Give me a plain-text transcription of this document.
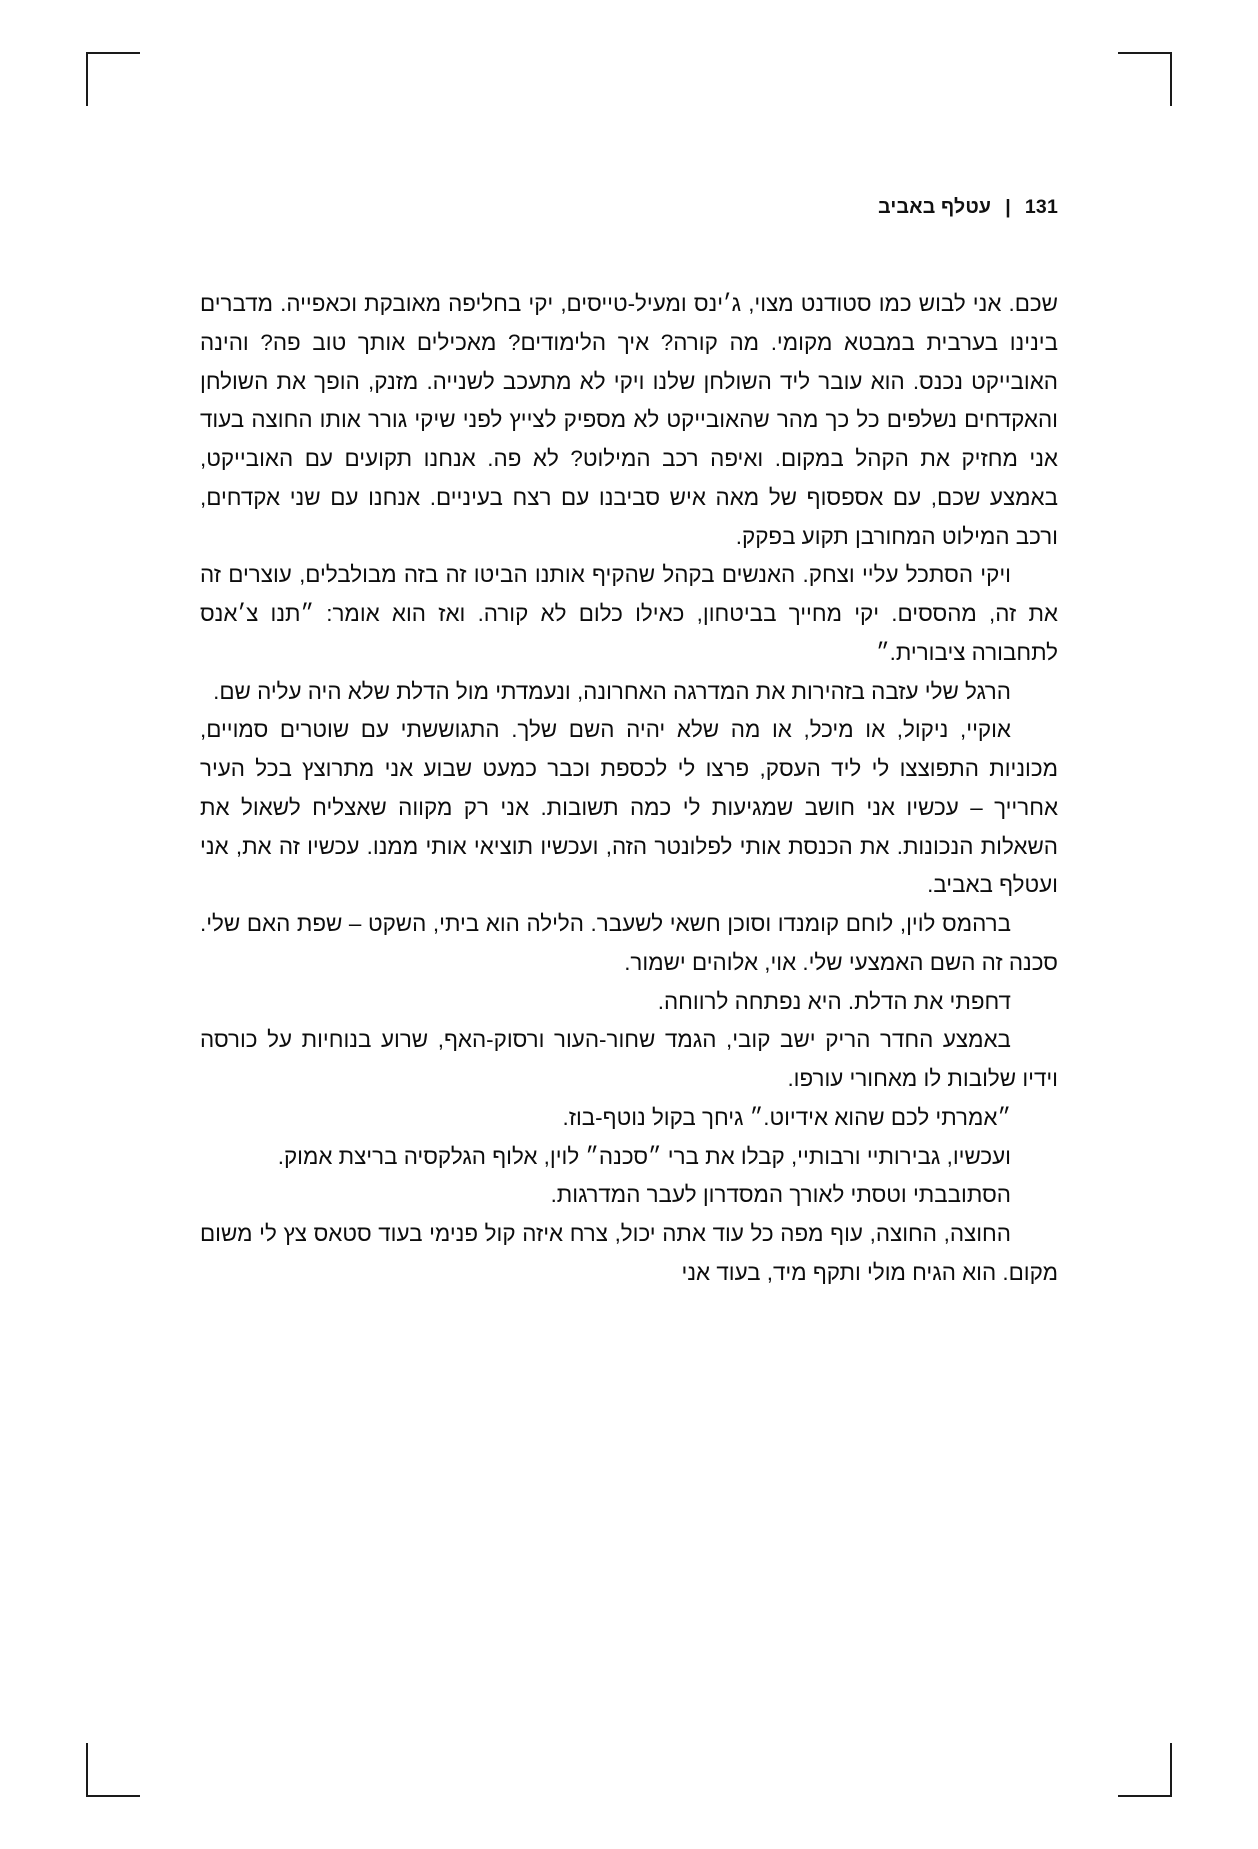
131
|
עטלף באביב

שכם. אני לבוש כמו סטודנט מצוי, ג׳ינס ומעיל-טייסים, יקי בחליפה מאובקת וכאפייה. מדברים בינינו בערבית במבטא מקומי. מה קורה? איך הלימודים? מאכילים אותך טוב פה? והינה האובייקט נכנס. הוא עובר ליד השולחן שלנו ויקי לא מתעכב לשנייה. מזנק, הופך את השולחן והאקדחים נשלפים כל כך מהר שהאובייקט לא מספיק לצייץ לפני שיקי גורר אותו החוצה בעוד אני מחזיק את הקהל במקום. ואיפה רכב המילוט? לא פה. אנחנו תקועים עם האובייקט, באמצע שכם, עם אספסוף של מאה איש סביבנו עם רצח בעיניים. אנחנו עם שני אקדחים, ורכב המילוט המחורבן תקוע בפקק.

ויקי הסתכל עליי וצחק. האנשים בקהל שהקיף אותנו הביטו זה בזה מבולבלים, עוצרים זה את זה, מהססים. יקי מחייך בביטחון, כאילו כלום לא קורה. ואז הוא אומר: ״תנו צ׳אנס לתחבורה ציבורית.״

הרגל שלי עזבה בזהירות את המדרגה האחרונה, ונעמדתי מול הדלת שלא היה עליה שם.

אוקיי, ניקול, או מיכל, או מה שלא יהיה השם שלך. התגוששתי עם שוטרים סמויים, מכוניות התפוצצו לי ליד העסק, פרצו לי לכספת וכבר כמעט שבוע אני מתרוצץ בכל העיר אחרייך – עכשיו אני חושב שמגיעות לי כמה תשובות. אני רק מקווה שאצליח לשאול את השאלות הנכונות. את הכנסת אותי לפלונטר הזה, ועכשיו תוציאי אותי ממנו. עכשיו זה את, אני ועטלף באביב.

ברהמס לוין, לוחם קומנדו וסוכן חשאי לשעבר. הלילה הוא ביתי, השקט – שפת האם שלי. סכנה זה השם האמצעי שלי. אוי, אלוהים ישמור.

דחפתי את הדלת. היא נפתחה לרווחה.

באמצע החדר הריק ישב קובי, הגמד שחור-העור ורסוק-האף, שרוע בנוחיות על כורסה וידיו שלובות לו מאחורי עורפו.

״אמרתי לכם שהוא אידיוט.״ גיחך בקול נוטף-בוז.

ועכשיו, גבירותיי ורבותיי, קבלו את ברי ״סכנה״ לוין, אלוף הגלקסיה בריצת אמוק.

הסתובבתי וטסתי לאורך המסדרון לעבר המדרגות.

החוצה, החוצה, עוף מפה כל עוד אתה יכול, צרח איזה קול פנימי בעוד סטאס צץ לי משום מקום. הוא הגיח מולי ותקף מיד, בעוד אני
